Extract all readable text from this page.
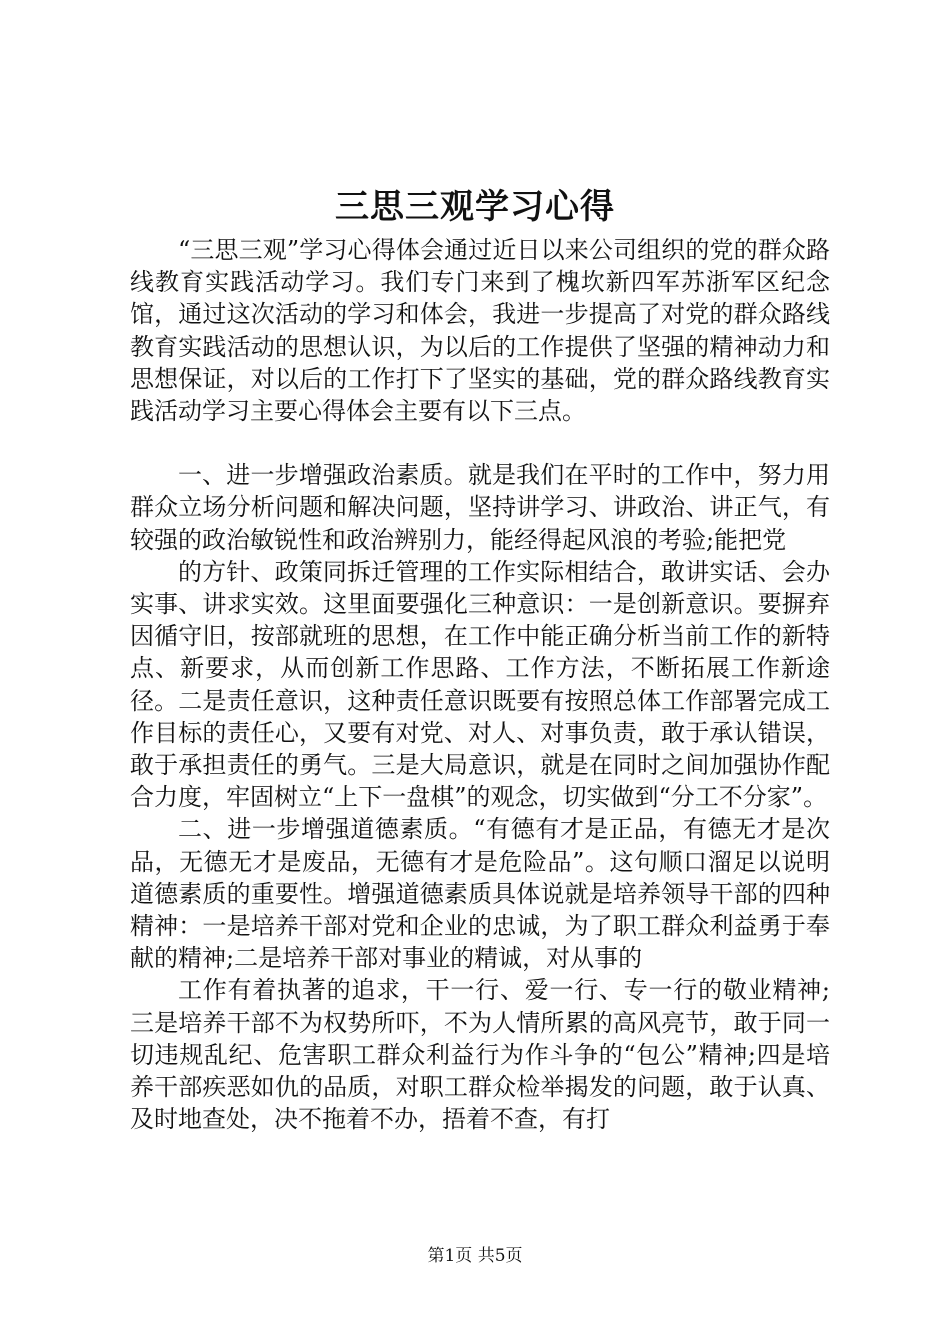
三思三观学习心得

“三思三观”学习心得体会通过近日以来公司组织的党的群众路线教育实践活动学习。我们专门来到了槐坎新四军苏浙军区纪念馆，通过这次活动的学习和体会，我进一步提高了对党的群众路线教育实践活动的思想认识，为以后的工作提供了坚强的精神动力和思想保证，对以后的工作打下了坚实的基础，党的群众路线教育实践活动学习主要心得体会主要有以下三点。

一、进一步增强政治素质。就是我们在平时的工作中，努力用群众立场分析问题和解决问题，坚持讲学习、讲政治、讲正气，有较强的政治敏锐性和政治辨别力，能经得起风浪的考验;能把党

的方针、政策同拆迁管理的工作实际相结合，敢讲实话、会办实事、讲求实效。这里面要强化三种意识：一是创新意识。要摒弃因循守旧，按部就班的思想，在工作中能正确分析当前工作的新特点、新要求，从而创新工作思路、工作方法，不断拓展工作新途径。二是责任意识，这种责任意识既要有按照总体工作部署完成工作目标的责任心，又要有对党、对人、对事负责，敢于承认错误，敢于承担责任的勇气。三是大局意识，就是在同时之间加强协作配合力度，牢固树立“上下一盘棋”的观念，切实做到“分工不分家”。

二、进一步增强道德素质。“有德有才是正品，有德无才是次品，无德无才是废品，无德有才是危险品”。这句顺口溜足以说明道德素质的重要性。增强道德素质具体说就是培养领导干部的四种精神：一是培养干部对党和企业的忠诚，为了职工群众利益勇于奉献的精神;二是培养干部对事业的精诚，对从事的

工作有着执著的追求，干一行、爱一行、专一行的敬业精神;三是培养干部不为权势所吓，不为人情所累的高风亮节，敢于同一切违规乱纪、危害职工群众利益行为作斗争的“包公”精神;四是培养干部疾恶如仇的品质，对职工群众检举揭发的问题，敢于认真、及时地查处，决不拖着不办，捂着不查，有打

第1页 共5页
